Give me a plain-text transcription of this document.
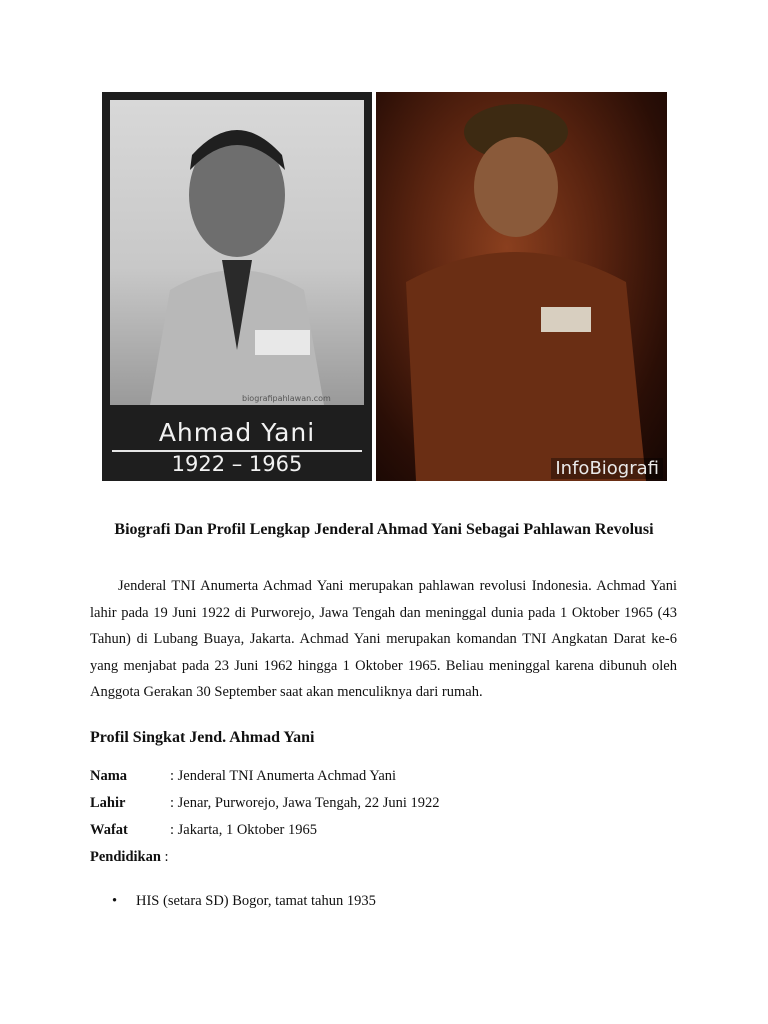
biografipahlawan.com
Ahmad Yani
1922 – 1965	InfoBiografi
Biografi Dan Profil Lengkap Jenderal Ahmad Yani Sebagai Pahlawan Revolusi

Jenderal TNI Anumerta Achmad Yani merupakan pahlawan revolusi Indonesia. Achmad Yani lahir pada 19 Juni 1922 di Purworejo, Jawa Tengah dan meninggal dunia pada 1 Oktober 1965 (43 Tahun) di Lubang Buaya, Jakarta. Achmad Yani merupakan komandan TNI Angkatan Darat ke-6 yang menjabat pada 23 Juni 1962 hingga 1 Oktober 1965. Beliau meninggal karena dibunuh oleh Anggota Gerakan 30 September saat akan menculiknya dari rumah.

Profil Singkat Jend. Ahmad Yani
Nama	: Jenderal TNI Anumerta Achmad Yani
Lahir	: Jenar, Purworejo, Jawa Tengah, 22 Juni 1922
Wafat	: Jakarta, 1 Oktober 1965
Pendidikan :
• HIS (setara SD) Bogor, tamat tahun 1935
